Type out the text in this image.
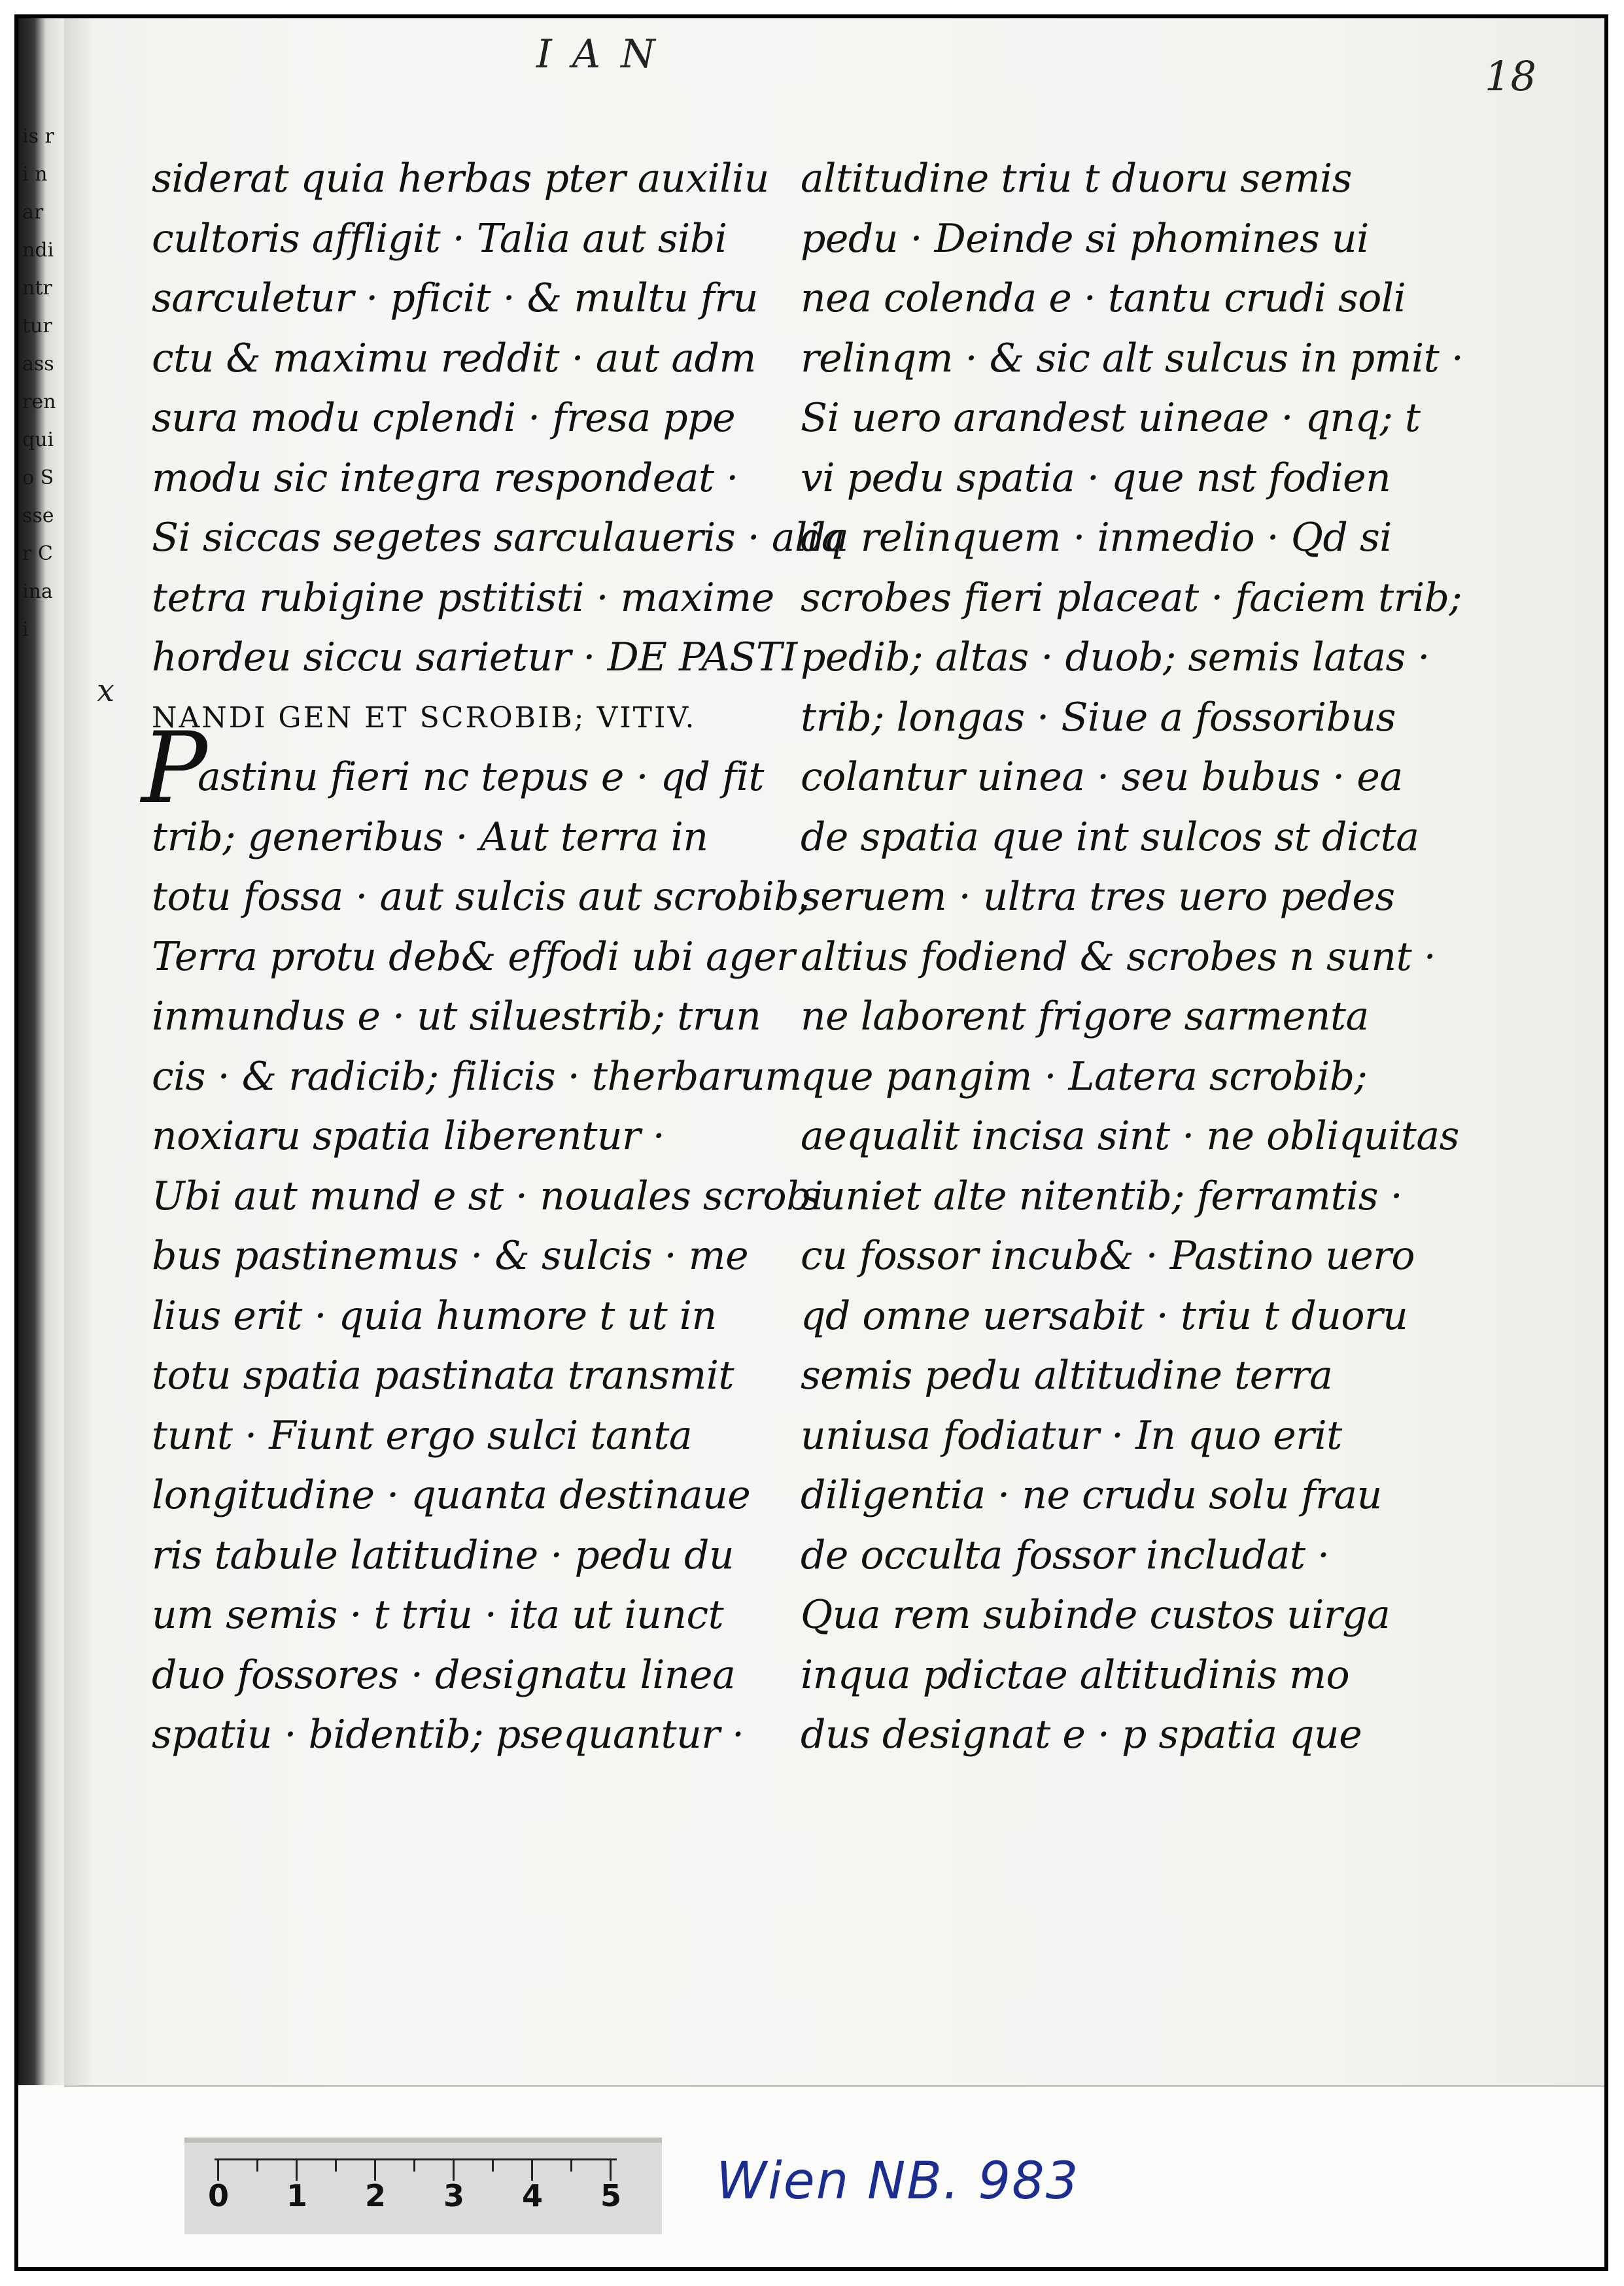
is ri nar ndi ntr tur ass ren quio Ssser Cinai
I A N	18
x
P
siderat quia herbas pter auxiliu
cultoris affligit · Talia aut sibi
sarculetur · pficit · & multu fru
ctu & maximu reddit · aut adm
sura modu cplendi · fresa ppe
modu sic integra respondeat ·
Si siccas segetes sarculaueris · aliq
tetra rubigine pstitisti · maxime
hordeu siccu sarietur · DE PASTI
NANDI GEN ET SCROBIB; VITIV.
astinu fieri nc tepus e · qd fit
trib; generibus · Aut terra in
totu fossa · aut sulcis aut scrobib;
Terra protu deb& effodi ubi ager
inmundus e · ut siluestrib; trun
cis · & radicib; filicis · therbarum
noxiaru spatia liberentur ·
Ubi aut mund e st · nouales scrobi
bus pastinemus · & sulcis · me
lius erit · quia humore t ut in
totu spatia pastinata transmit
tunt · Fiunt ergo sulci tanta
longitudine · quanta destinaue
ris tabule latitudine · pedu du
um semis · t triu · ita ut iunct
duo fossores · designatu linea
spatiu · bidentib; psequantur ·
altitudine triu t duoru semis
pedu · Deinde si phomines ui
nea colenda e · tantu crudi soli
relinqm · & sic alt sulcus in pmit ·
Si uero arandest uineae · qnq; t
vi pedu spatia · que nst fodien
da relinquem · inmedio · Qd si
scrobes fieri placeat · faciem trib;
pedib; altas · duob; semis latas ·
trib; longas · Siue a fossoribus
colantur uinea · seu bubus · ea
de spatia que int sulcos st dicta
seruem · ultra tres uero pedes
altius fodiend & scrobes n sunt ·
ne laborent frigore sarmenta
que pangim · Latera scrobib;
aequalit incisa sint · ne obliquitas
suniet alte nitentib; ferramtis ·
cu fossor incub& · Pastino uero
qd omne uersabit · triu t duoru
semis pedu altitudine terra
uniusa fodiatur · In quo erit
diligentia · ne crudu solu frau
de occulta fossor includat ·
Qua rem subinde custos uirga
inqua pdictae altitudinis mo
dus designat e · p spatia que
0 1 2 3 4 5 Wien NB. 983
